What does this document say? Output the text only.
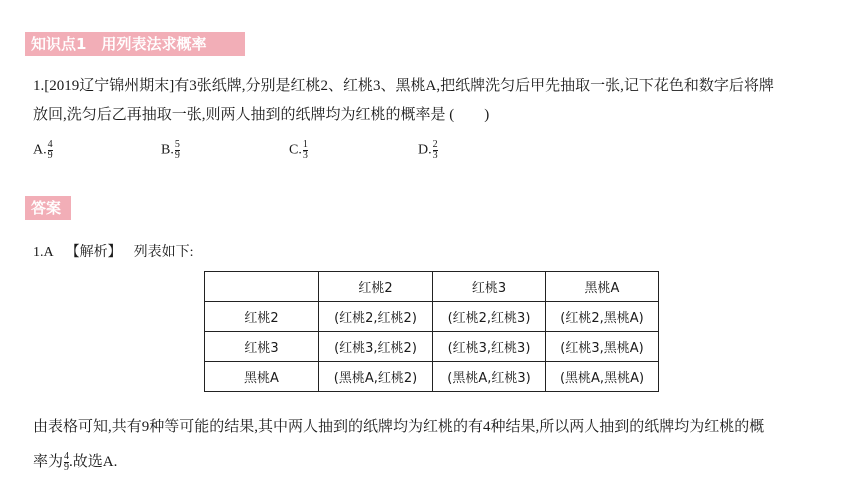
知识点1　用列表法求概率
1.[2019辽宁锦州期末]有3张纸牌,分别是红桃2、红桃3、黑桃A,把纸牌洗匀后甲先抽取一张,记下花色和数字后将牌
放回,洗匀后乙再抽取一张,则两人抽到的纸牌均为红桃的概率是 (　　)
A. $\frac{4}{9}$	B. $\frac{5}{9}$	C. $\frac{1}{3}$	D. $\frac{2}{3}$
答案
1.A 【解析】 列表如下:
	红桃2	红桃3	黑桃A
红桃2	(红桃2,红桃2)	(红桃2,红桃3)	(红桃2,黑桃A)
红桃3	(红桃3,红桃2)	(红桃3,红桃3)	(红桃3,黑桃A)
黑桃A	(黑桃A,红桃2)	(黑桃A,红桃3)	(黑桃A,黑桃A)
由表格可知,共有9种等可能的结果,其中两人抽到的纸牌均为红桃的有4种结果,所以两人抽到的纸牌均为红桃的概
率为 $\frac{4}{9}$ .故选A.
